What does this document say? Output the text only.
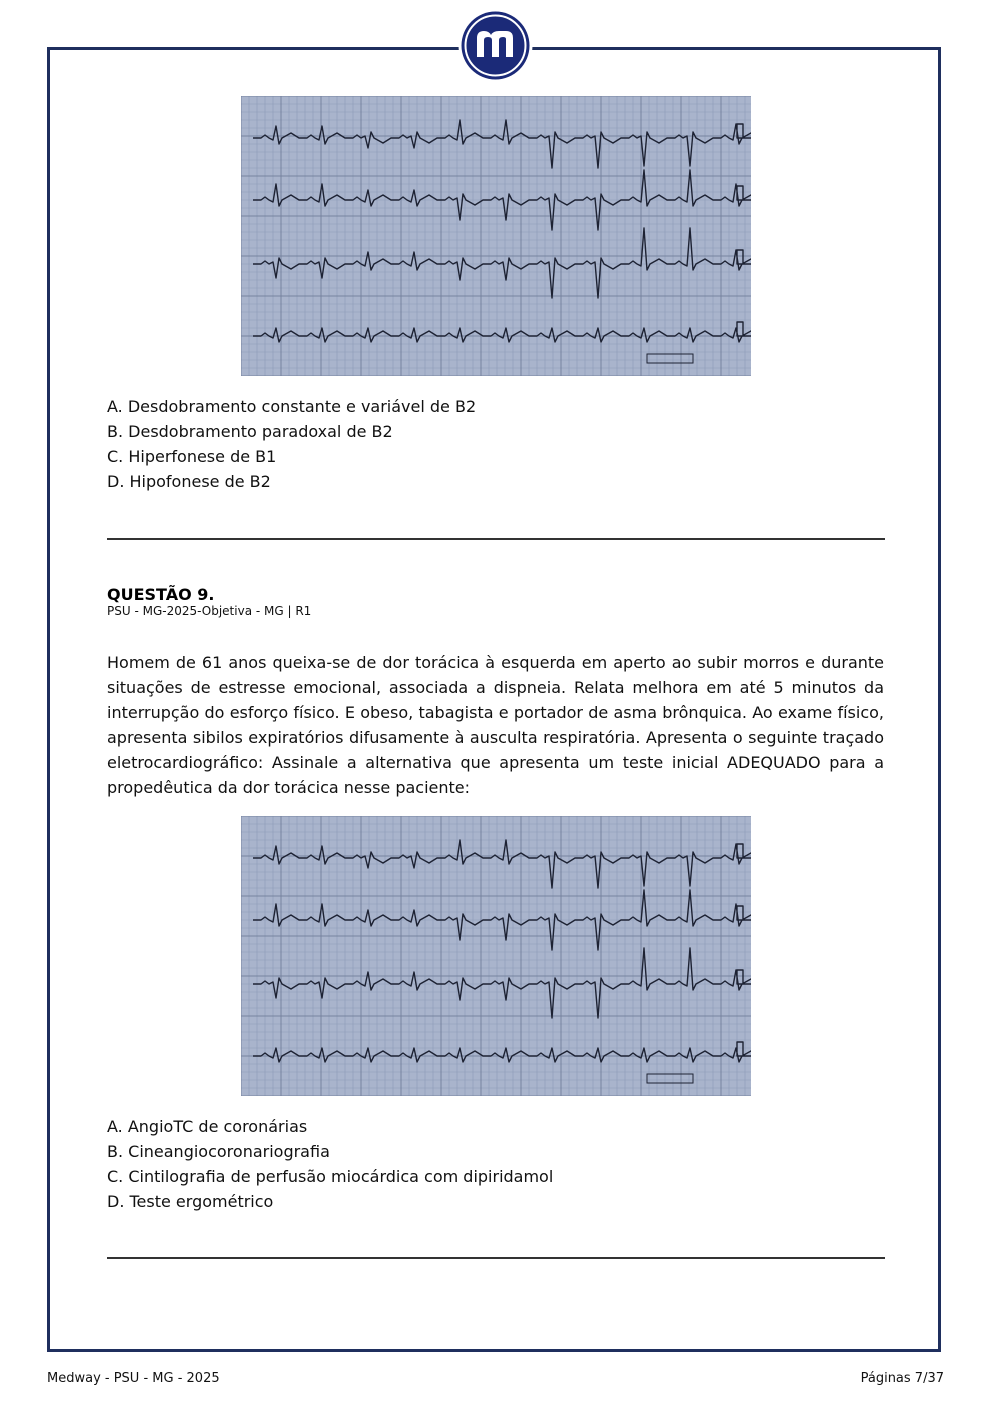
A. Desdobramento constante e variável de B2
B. Desdobramento paradoxal de B2
C. Hiperfonese de B1
D. Hipofonese de B2
QUESTÃO 9.
PSU - MG-2025-Objetiva - MG | R1

Homem de 61 anos queixa-se de dor torácica à esquerda em aperto ao subir morros e durante situações de estresse emocional, associada a dispneia. Relata melhora em até 5 minutos da interrupção do esforço físico. E obeso, tabagista e portador de asma brônquica. Ao exame físico, apresenta sibilos expiratórios difusamente à ausculta respiratória. Apresenta o seguinte traçado eletrocardiográfico: Assinale a alternativa que apresenta um teste inicial ADEQUADO para a propedêutica da dor torácica nesse paciente:

A. AngioTC de coronárias
B. Cineangiocoronariografia
C. Cintilografia de perfusão miocárdica com dipiridamol
D. Teste ergométrico
Medway - PSU - MG - 2025	Páginas 7/37
